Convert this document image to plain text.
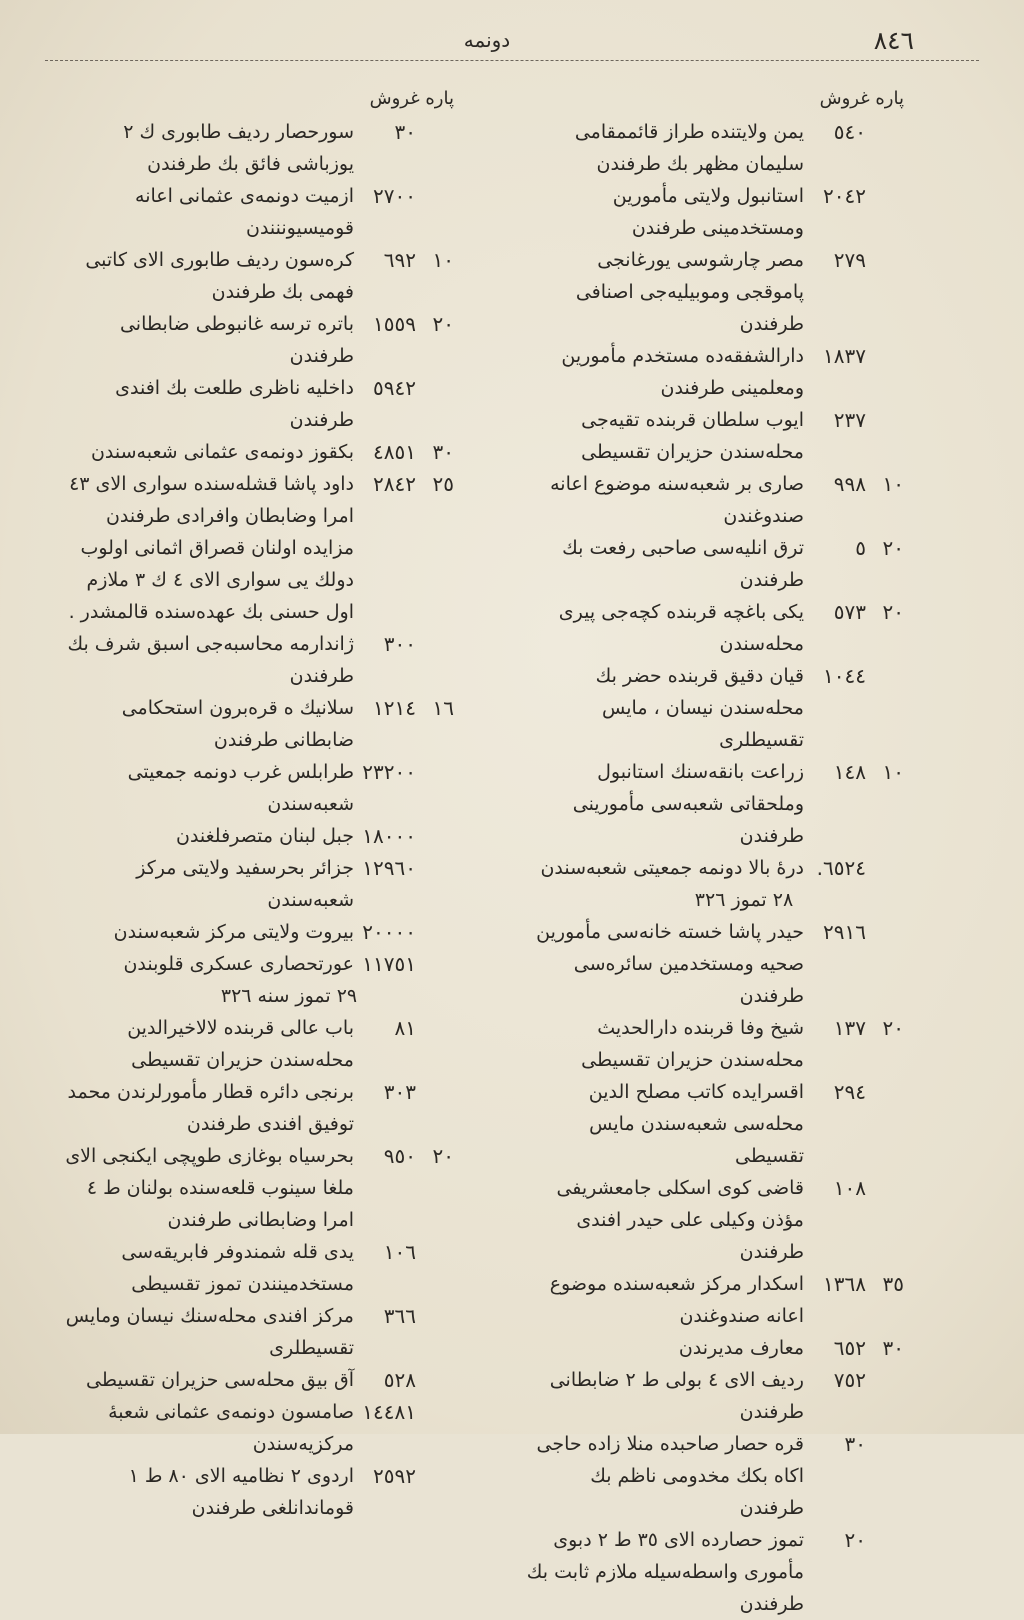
٨٤٦
دونمه
پاره غروش
٥٤٠
يمن ولايتنده طراز قائممقامى سليمان مظهر بك طرفندن
٢٠٤٢
استانبول ولايتى مأمورين ومستخدمينى طرفندن
٢٧٩
مصر چارشوسى يورغانجى پاموقجى وموبيليه‌جى اصنافى طرفندن
١٨٣٧
دارالشفقه‌ده مستخدم مأمورين ومعلمينى طرفندن
٢٣٧
ايوب سلطان قربنده تقيه‌جى محله‌سندن حزيران تقسيطى
١٠
٩٩٨
صارى بر شعبه‌سنه موضوع اعانه صندوغندن
٢٠
٥
ترق انليه‌سى صاحبى رفعت بك طرفندن
٢٠
٥٧٣
يكى باغچه قربنده كچه‌جى پيرى محله‌سندن
١٠٤٤
قيان دقيق قربنده حضر بك محله‌سندن نيسان ، مايس تقسيطلرى
١٠
١٤٨
زراعت بانقه‌سنك استانبول وملحقاتى شعبه‌سى مأمورينى طرفندن
٦٥٢٤.
درۀ بالا دونمه جمعيتى شعبه‌سندن
٢٨ تموز ٣٢٦
٢٩١٦
حيدر پاشا خسته خانه‌سى مأمورين صحيه ومستخدمين سائره‌سى طرفندن
٢٠
١٣٧
شيخ وفا قربنده دارالحديث محله‌سندن حزيران تقسيطى
٢٩٤
اقسرايده كاتب مصلح الدين محله‌سى شعبه‌سندن مايس تقسيطى
١٠٨
قاضى كوى اسكلى جامعشريفى مؤذن وكيلى على حيدر افندى طرفندن
٣٥
١٣٦٨
اسكدار مركز شعبه‌سنده موضوع اعانه صندوغندن
٣٠
٦٥٢
معارف مديرندن
٧٥٢
رديف الاى ٤ بولى ط ٢ ضابطانى طرفندن
٣٠
قره حصار صاحبده منلا زاده حاجى اكاه بكك مخدومى ناظم بك طرفندن
٢٠
تموز حصارده الاى ٣٥ ط ٢ دبوى مأمورى واسطه‌سيله ملازم ثابت بك طرفندن
پاره غروش
٣٠
سورحصار رديف طابورى ك ٢ يوزباشى فائق بك طرفندن
٢٧٠٠
ازميت دونمه‌ى عثمانى اعانه قوميسيوننندن
١٠
٦٩٢
كره‌سون رديف طابورى الاى كاتبى فهمى بك طرفندن
٢٠
١٥٥٩
باتره ترسه غانبوطى ضابطانى طرفندن
٥٩٤٢
داخليه ناظرى طلعت بك افندى طرفندن
٣٠
٤٨٥١
بكقوز دونمه‌ى عثمانى شعبه‌سندن
٢٥
٢٨٤٢
داود پاشا قشله‌سنده سوارى الاى ٤٣ امرا وضابطان وافرادى طرفندن مزايده اولنان قصراق اثمانى اولوب دولك يى سوارى الاى ٤ ك ٣ ملازم اول حسنى بك عهده‌سنده قالمشدر .
٣٠٠
ژاندارمه محاسبه‌جى اسبق شرف بك طرفندن
١٦
١٢١٤
سلانيك ه قره‌برون استحكامى ضابطانى طرفندن
٢٣٢٠٠
طرابلس غرب دونمه جمعيتى شعبه‌سندن
١٨٠٠٠
جبل لبنان متصرفلغندن
١٢٩٦٠
جزائر بحرسفيد ولايتى مركز شعبه‌سندن
٢٠٠٠٠
بيروت ولايتى مركز شعبه‌سندن
١١٧٥١
عورتحصارى عسكرى قلوبندن
٢٩ تموز سنه ٣٢٦
٨١
باب عالى قربنده لالاخيرالدين محله‌سندن حزيران تقسيطى
٣٠٣
برنجى دائره قطار مأمورلرندن محمد توفيق افندى طرفندن
٢٠
٩٥٠
بحرسياه بوغازى طوپچى ايكنجى الاى ملغا سينوب قلعه‌سنده بولنان ط ٤ امرا وضابطانى طرفندن
١٠٦
يدى قله شمندوفر فابريقه‌سى مستخدمينندن تموز تقسيطى
٣٦٦
مركز افندى محله‌سنك نيسان ومايس تقسيطلرى
٥٢٨
آق بيق محله‌سى حزيران تقسيطى
١٤٤٨١
صامسون دونمه‌ى عثمانى شعبۀ مركزيه‌سندن
٢٥٩٢
اردوى ٢ نظاميه الاى ٨٠ ط ١ قوماندانلغى طرفندن
